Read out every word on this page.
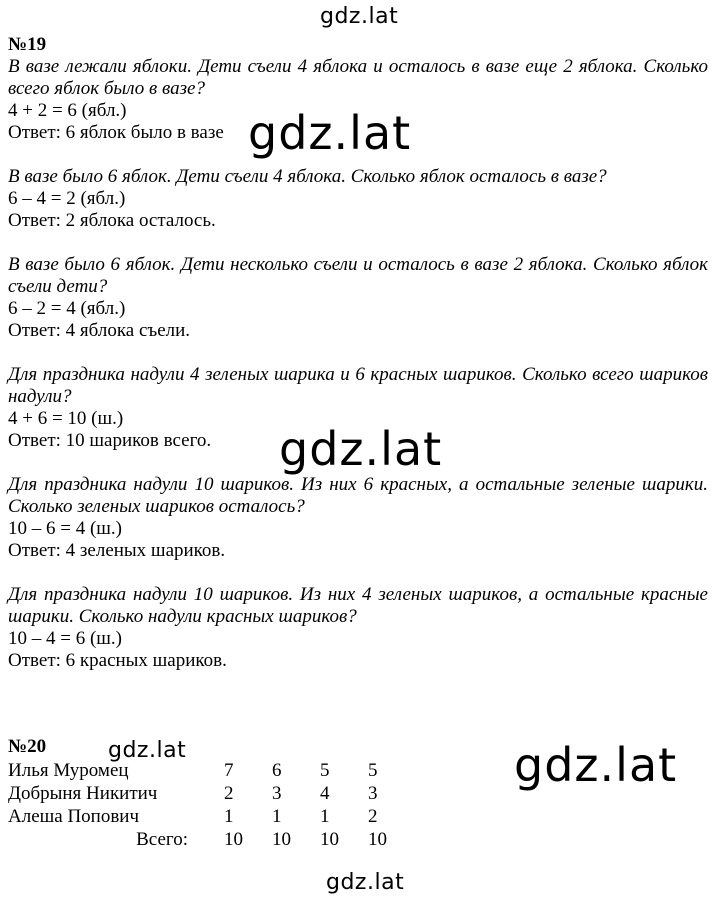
gdz.lat
gdz.lat
gdz.lat
gdz.lat
gdz.lat
gdz.lat
№19
В вазе лежали яблоки. Дети съели 4 яблока и осталось в вазе еще 2 яблока. Сколько всего яблок было в вазе?
4 + 2 = 6 (ябл.)
Ответ: 6 яблок было в вазе
В вазе было 6 яблок. Дети съели 4 яблока. Сколько яблок осталось в вазе?
6 – 4 = 2 (ябл.)
Ответ: 2 яблока осталось.
В вазе было 6 яблок. Дети несколько съели и осталось в вазе 2 яблока. Сколько яблок съели дети?
6 – 2 = 4 (ябл.)
Ответ: 4 яблока съели.
Для праздника надули 4 зеленых шарика и 6 красных шариков. Сколько всего шариков надули?
4 + 6 = 10 (ш.)
Ответ: 10 шариков всего.
Для праздника надули 10 шариков. Из них 6 красных, а остальные зеленые шарики. Сколько зеленых шариков осталось?
10 – 6 = 4 (ш.)
Ответ: 4 зеленых шариков.
Для праздника надули 10 шариков. Из них 4 зеленых шариков, а остальные красные шарики. Сколько надули красных шариков?
10 – 4 = 6 (ш.)
Ответ: 6 красных шариков.
№20
Илья Муромец	7	6	5	5
Добрыня Никитич	2	3	4	3
Алеша Попович	1	1	1	2
Всего:	10	10	10	10
